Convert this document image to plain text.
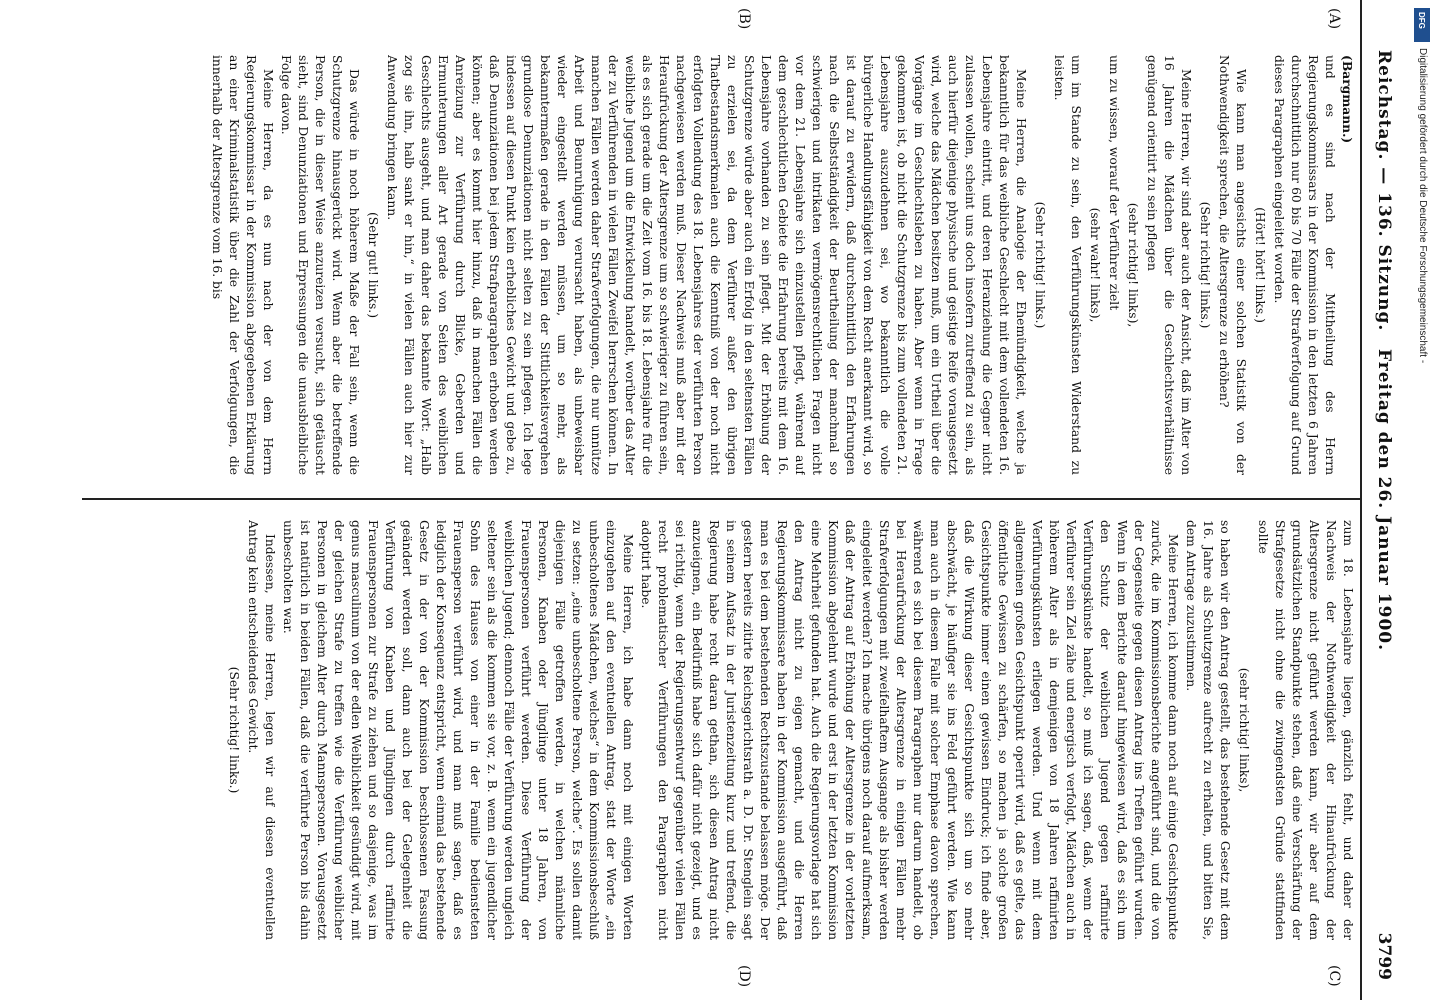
Reichstag. — 136. Sitzung.
Freitag den 26. Januar 1900.
3799
(A)
(B)
(C)
(D)

(Bargmann.)

und es sind nach der Mittheilung des Herrn Regierungskommissars in der Kommission in den letzten 6 Jahren durchschnittlich nur 60 bis 70 Fälle der Strafverfolgung auf Grund dieses Paragraphen eingeleitet worden.

(Hört! hört! links.)

Wie kann man angesichts einer solchen Statistik von der Nothwendigkeit sprechen, die Altersgrenze zu erhöhen?

(Sehr richtig! links.)

Meine Herren, wir sind aber auch der Ansicht, daß im Alter von 16 Jahren die Mädchen über die Geschlechtsverhältnisse genügend orientirt zu sein pflegen

(sehr richtig! links),

um zu wissen, worauf der Verführer zielt

(sehr wahr! links),

um im Stande zu sein, den Verführungskünsten Widerstand zu leisten.

(Sehr richtig! links.)

Meine Herren, die Analogie der Ehemündigkeit, welche ja bekanntlich für das weibliche Geschlecht mit dem vollendeten 16. Lebensjahre eintritt, und deren Heranziehung die Gegner nicht zulassen wollen, scheint uns doch insofern zutreffend zu sein, als auch hierfür diejenige physische und geistige Reife vorausgesetzt wird, welche das Mädchen besitzen muß, um ein Urtheil über die Vorgänge im Geschlechtsleben zu haben. Aber wenn in Frage gekommen ist, ob nicht die Schutzgrenze bis zum vollendeten 21. Lebensjahre auszudehnen sei, wo bekanntlich die volle bürgerliche Handlungsfähigkeit von dem Recht anerkannt wird, so ist darauf zu erwidern, daß durchschnittlich den Erfahrungen nach die Selbstständigkeit der Beurtheilung der manchmal so schwierigen und intrikaten vermögensrechtlichen Fragen nicht vor dem 21. Lebensjahre sich einzustellen pflegt, während auf dem geschlechtlichen Gebiete die Erfahrung bereits mit dem 16. Lebensjahre vorhanden zu sein pflegt. Mit der Erhöhung der Schutzgrenze würde aber auch ein Erfolg in den seltensten Fällen zu erzielen sei, da dem Verführer außer den übrigen Thatbestandsmerkmalen auch die Kenntniß von der noch nicht erfolgten Vollendung des 18. Lebensjahres der verführten Person nachgewiesen werden muß. Dieser Nachweis muß aber mit der Heraufrückung der Altersgrenze um so schwieriger zu führen sein, als es sich gerade um die Zeit vom 16. bis 18. Lebensjahre für die weibliche Jugend um die Entwickelung handelt, worüber das Alter der zu Verführenden in vielen Fällen Zweifel herrschen können. In manchen Fällen werden daher Strafverfolgungen, die nur unnütze Arbeit und Beunruhigung verursacht haben, als unbeweisbar wieder eingestellt werden müssen, um so mehr, als bekanntermaßen gerade in den Fällen der Sittlichkeitsvergehen grundlose Denunziationen nicht selten zu sein pflegen. Ich lege indessen auf diesen Punkt kein erhebliches Gewicht und gebe zu, daß Denunziationen bei jedem Strafparagraphen erhoben werden können; aber es kommt hier hinzu, daß in manchen Fällen die Anreizung zur Verführung durch Blicke, Geberden und Ermunterungen aller Art gerade von Seiten des weiblichen Geschlechts ausgeht, und man daher das bekannte Wort: „Halb zog sie ihn, halb sank er hin,“ in vielen Fällen auch hier zur Anwendung bringen kann.

(Sehr gut! links.)

Das würde in noch höherem Maße der Fall sein, wenn die Schutzgrenze hinausgerückt wird. Wenn aber die betreffende Person, die in dieser Weise anzureizen versucht, sich getäuscht sieht, sind Denunziationen und Erpressungen die unausbleibliche Folge davon.

Meine Herren, da es nun nach der von dem Herrn Regierungskommissar in der Kommission abgegebenen Erklärung an einer Kriminalstatistik über die Zahl der Verfolgungen, die innerhalb der Altersgrenze vom 16. bis

zum 18. Lebensjahre liegen, gänzlich fehlt, und daher der Nachweis der Nothwendigkeit der Hinaufrückung der Altersgrenze nicht geführt werden kann, wir aber auf dem grundsätzlichen Standpunkte stehen, daß eine Verschärfung der Strafgesetze nicht ohne die zwingendsten Gründe stattfinden sollte

(sehr richtig! links),

so haben wir den Antrag gestellt, das bestehende Gesetz mit dem 16. Jahre als Schutzgrenze aufrecht zu erhalten, und bitten Sie, dem Antrage zuzustimmen.

Meine Herren, ich komme dann noch auf einige Gesichtspunkte zurück, die im Kommissionsberichte angeführt sind, und die von der Gegenseite gegen diesen Antrag ins Treffen geführt wurden. Wenn in dem Berichte darauf hingewiesen wird, daß es sich um den Schutz der weiblichen Jugend gegen raffinirte Verführungskünste handelt, so muß ich sagen, daß, wenn der Verführer sein Ziel zähe und energisch verfolgt, Mädchen auch in höherem Alter als in demjenigen von 18 Jahren raffinirten Verführungskünsten erliegen werden. Und wenn mit dem allgemeinen großen Gesichtspunkt operirt wird, daß es gelte, das öffentliche Gewissen zu schärfen, so machen ja solche großen Gesichtspunkte immer einen gewissen Eindruck; ich finde aber, daß die Wirkung dieser Gesichtspunkte sich um so mehr abschwächt, je häufiger sie ins Feld geführt werden. Wie kann man auch in diesem Falle mit solcher Emphase davon sprechen, während es sich bei diesem Paragraphen nur darum handelt, ob bei Heraufrückung der Altersgrenze in einigen Fällen mehr Strafverfolgungen mit zweifelhaftem Ausgange als bisher werden eingeleitet werden? Ich mache übrigens noch darauf aufmerksam, daß der Antrag auf Erhöhung der Altersgrenze in der vorletzten Kommission abgelehnt wurde und erst in der letzten Kommission eine Mehrheit gefunden hat. Auch die Regierungsvorlage hat sich den Antrag nicht zu eigen gemacht, und die Herren Regierungskommissare haben in der Kommission ausgeführt, daß man es bei dem bestehenden Rechtszustande belassen möge. Der gestern bereits zitirte Reichsgerichtsrath a. D. Dr. Stenglein sagt in seinem Aufsatz in der Juristenzeitung kurz und treffend, die Regierung habe recht daran gethan, sich diesen Antrag nicht anzueignen, ein Bedürfniß habe sich dafür nicht gezeigt, und es sei richtig, wenn der Regierungsentwurf gegenüber vielen Fällen recht problematischer Verführungen den Paragraphen nicht adoptirt habe.

Meine Herren, ich habe dann noch mit einigen Worten einzugehen auf den eventuellen Antrag, statt der Worte „ein unbescholtenes Mädchen, welches“ in dem Kommissionsbeschluß zu setzen: „eine unbescholtene Person, welche“. Es sollen damit diejenigen Fälle getroffen werden, in welchen männliche Personen, Knaben oder Jünglinge unter 18 Jahren, von Frauenspersonen verführt werden. Diese Verführung der weiblichen Jugend; dennoch Fälle der Verführung werden ungleich seltener sein als die kommen sie vor, z. B. wenn ein jugendlicher Sohn des Hauses von einer in der Familie bediensteten Frauensperson verführt wird, und man muß sagen, daß es lediglich der Konsequenz entspricht, wenn einmal das bestehende Gesetz in der von der Kommission beschlossenen Fassung geändert werden soll, dann auch bei der Gelegenheit die Verführung von Knaben und Jünglingen durch raffinirte Frauenspersonen zur Strafe zu ziehen und so dasjenige, was im genus masculinum von der edlen Weiblichkeit gesündigt wird, mit der gleichen Strafe zu treffen wie die Verführung weiblicher Personen in gleichem Alter durch Mannspersonen. Vorausgesetzt ist natürlich in beiden Fällen, daß die verführte Person bis dahin unbescholten war.

Indessen, meine Herren, legen wir auf diesen eventuellen Antrag kein entscheidendes Gewicht.

(Sehr richtig! links.)

DFG
Digitalisierung gefördert durch die Deutsche Forschungsgemeinschaft -
